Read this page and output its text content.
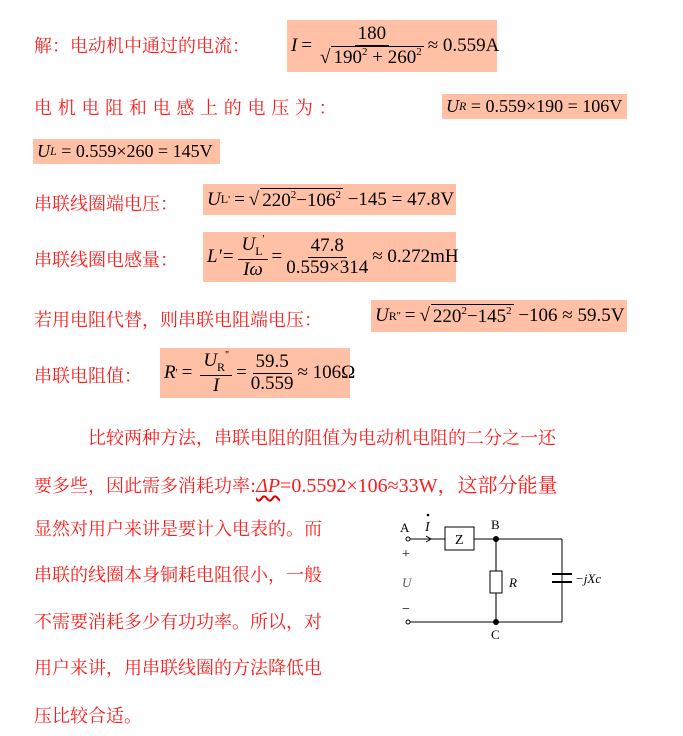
解：电动机中通过的电流： $I = \frac{180}{√ 190^2 + 260^2} \approx 0.559A$
电 机 电 阻 和 电 感 上 的 电 压 为 ：	U R
= 0.559×190 = 106V
U L
= 0.559×260 = 145V
串联线圈端电压： U L ' = √ $220^2-106^2$
−145 = 47.8V
串联线圈电感量： $L'= \frac{U_L'}{I\omega} = \frac{47.8}{0.559\times 314} \approx 0.272mH$
若用电阻代替，则串联电阻端电压：	U R '' = √ $220^2-145^2$
−106 ≈ 59.5V
串联电阻值： R ' = $\frac{U_R''}{I} = \frac{59.5}{0.559} \approx 106\Omega$
比较两种方法，串联电阻的阻值为电动机电阻的二分之一还
要多些，因此需多消耗功率:ΔP=0.5592×106≈33W，这部分能量
显然对用户来讲是要计入电表的。而
串联的线圈本身铜耗电阻很小，一般
不需要消耗多少有功功率。所以，对
用户来讲，用串联线圈的方法降低电
压比较合适。
A I
Z
B
C
+
U
−
R	−jXc
